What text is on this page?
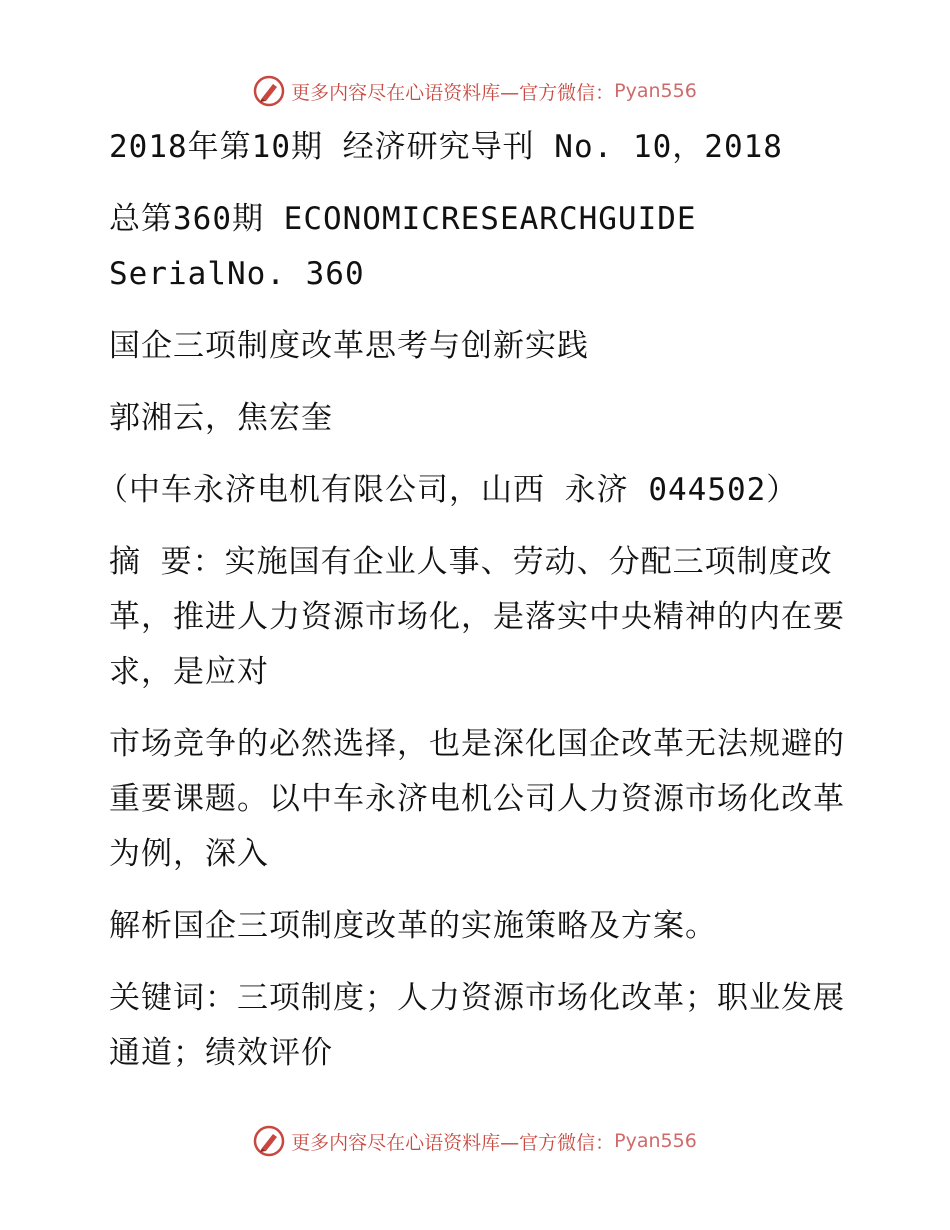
更多内容尽在心语资料库—官方微信： Pyan556

2018年第10期 经济研究导刊 No. 10，2018

总第360期 ECONOMICRESEARCHGUIDE SerialNo. 360

国企三项制度改革思考与创新实践

郭湘云，焦宏奎

（中车永济电机有限公司，山西 永济 044502）

摘 要：实施国有企业人事、劳动、分配三项制度改革，推进人力资源市场化，是落实中央精神的内在要求，是应对

市场竞争的必然选择，也是深化国企改革无法规避的重要课题。以中车永济电机公司人力资源市场化改革为例，深入

解析国企三项制度改革的实施策略及方案。

关键词：三项制度；人力资源市场化改革；职业发展通道；绩效评价

更多内容尽在心语资料库—官方微信： Pyan556
